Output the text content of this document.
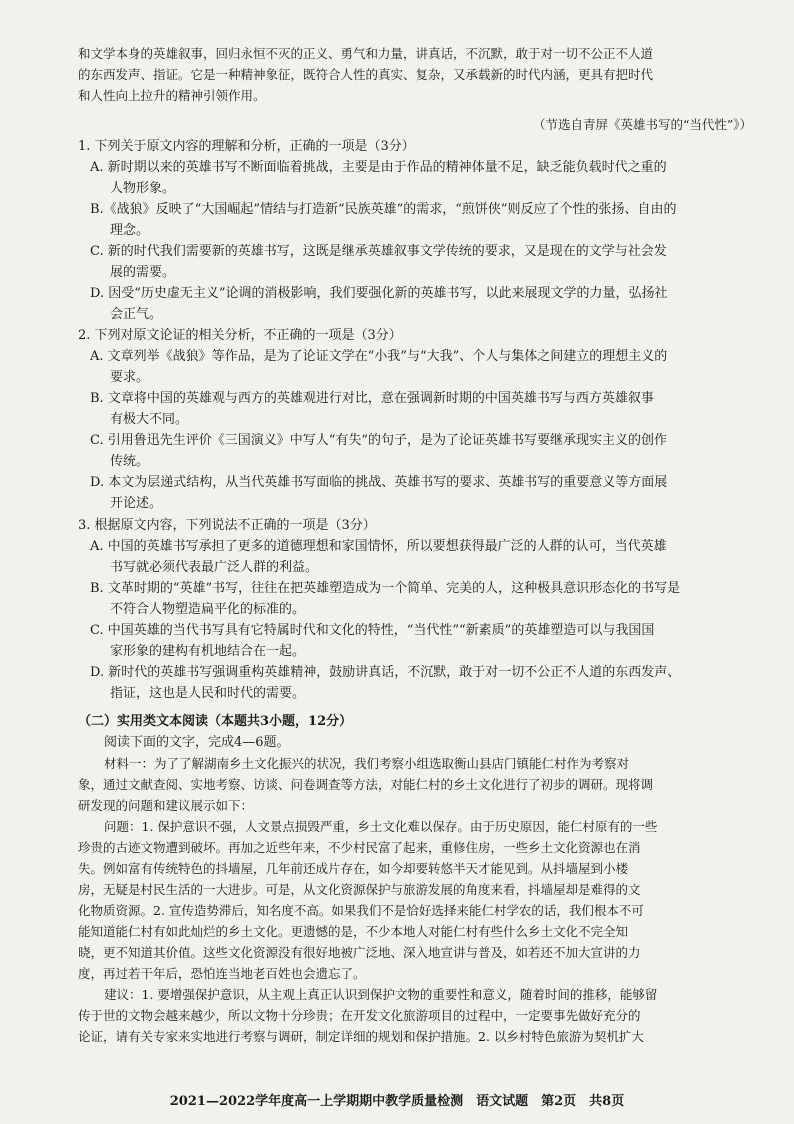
和文学本身的英雄叙事，回归永恒不灭的正义、勇气和力量，讲真话，不沉默，敢于对一切不公正不人道
的东西发声、指证。它是一种精神象征，既符合人性的真实、复杂，又承载新的时代内涵，更具有把时代
和人性向上拉升的精神引领作用。
（节选自青屏《英雄书写的“当代性”》）
1. 下列关于原文内容的理解和分析，正确的一项是（3分）
A. 新时期以来的英雄书写不断面临着挑战，主要是由于作品的精神体量不足，缺乏能负载时代之重的
人物形象。
B.《战狼》反映了“大国崛起”情结与打造新“民族英雄”的需求，“煎饼侠”则反应了个性的张扬、自由的
理念。
C. 新的时代我们需要新的英雄书写，这既是继承英雄叙事文学传统的要求，又是现在的文学与社会发
展的需要。
D. 因受“历史虚无主义”论调的消极影响，我们要强化新的英雄书写，以此来展现文学的力量，弘扬社
会正气。
2. 下列对原文论证的相关分析，不正确的一项是（3分）
A. 文章列举《战狼》等作品，是为了论证文学在“小我”与“大我”、个人与集体之间建立的理想主义的
要求。
B. 文章将中国的英雄观与西方的英雄观进行对比，意在强调新时期的中国英雄书写与西方英雄叙事
有极大不同。
C. 引用鲁迅先生评价《三国演义》中写人“有失”的句子，是为了论证英雄书写要继承现实主义的创作
传统。
D. 本文为层递式结构，从当代英雄书写面临的挑战、英雄书写的要求、英雄书写的重要意义等方面展
开论述。
3. 根据原文内容，下列说法不正确的一项是（3分）
A. 中国的英雄书写承担了更多的道德理想和家国情怀，所以要想获得最广泛的人群的认可，当代英雄
书写就必须代表最广泛人群的利益。
B. 文革时期的“英雄”书写，往往在把英雄塑造成为一个简单、完美的人，这种极具意识形态化的书写是
不符合人物塑造扁平化的标准的。
C. 中国英雄的当代书写具有它特属时代和文化的特性，“当代性”“新素质”的英雄塑造可以与我国国
家形象的建构有机地结合在一起。
D. 新时代的英雄书写强调重构英雄精神，鼓励讲真话，不沉默，敢于对一切不公正不人道的东西发声、
指证，这也是人民和时代的需要。
（二）实用类文本阅读（本题共3小题，12分）
阅读下面的文字，完成4—6题。
材料一：为了了解湖南乡土文化振兴的状况，我们考察小组选取衡山县店门镇能仁村作为考察对
象，通过文献查阅、实地考察、访谈、问卷调查等方法，对能仁村的乡土文化进行了初步的调研。现将调
研发现的问题和建议展示如下：
问题：1. 保护意识不强，人文景点损毁严重，乡土文化难以保存。由于历史原因，能仁村原有的一些
珍贵的古迹文物遭到破坏。再加之近些年来，不少村民富了起来，重修住房，一些乡土文化资源也在消
失。例如富有传统特色的抖墙屋，几年前还成片存在，如今却要转悠半天才能见到。从抖墙屋到小楼
房，无疑是村民生活的一大进步。可是，从文化资源保护与旅游发展的角度来看，抖墙屋却是难得的文
化物质资源。2. 宣传造势滞后，知名度不高。如果我们不是恰好选择来能仁村学农的话，我们根本不可
能知道能仁村有如此灿烂的乡土文化。更遗憾的是，不少本地人对能仁村有些什么乡土文化不完全知
晓，更不知道其价值。这些文化资源没有很好地被广泛地、深入地宣讲与普及，如若还不加大宣讲的力
度，再过若干年后，恐怕连当地老百姓也会遗忘了。
建议：1. 要增强保护意识，从主观上真正认识到保护文物的重要性和意义，随着时间的推移，能够留
传于世的文物会越来越少，所以文物十分珍贵；在开发文化旅游项目的过程中，一定要事先做好充分的
论证，请有关专家来实地进行考察与调研，制定详细的规划和保护措施。2. 以乡村特色旅游为契机扩大
2021—2022学年度高一上学期期中教学质量检测　语文试题　第2页　共8页
